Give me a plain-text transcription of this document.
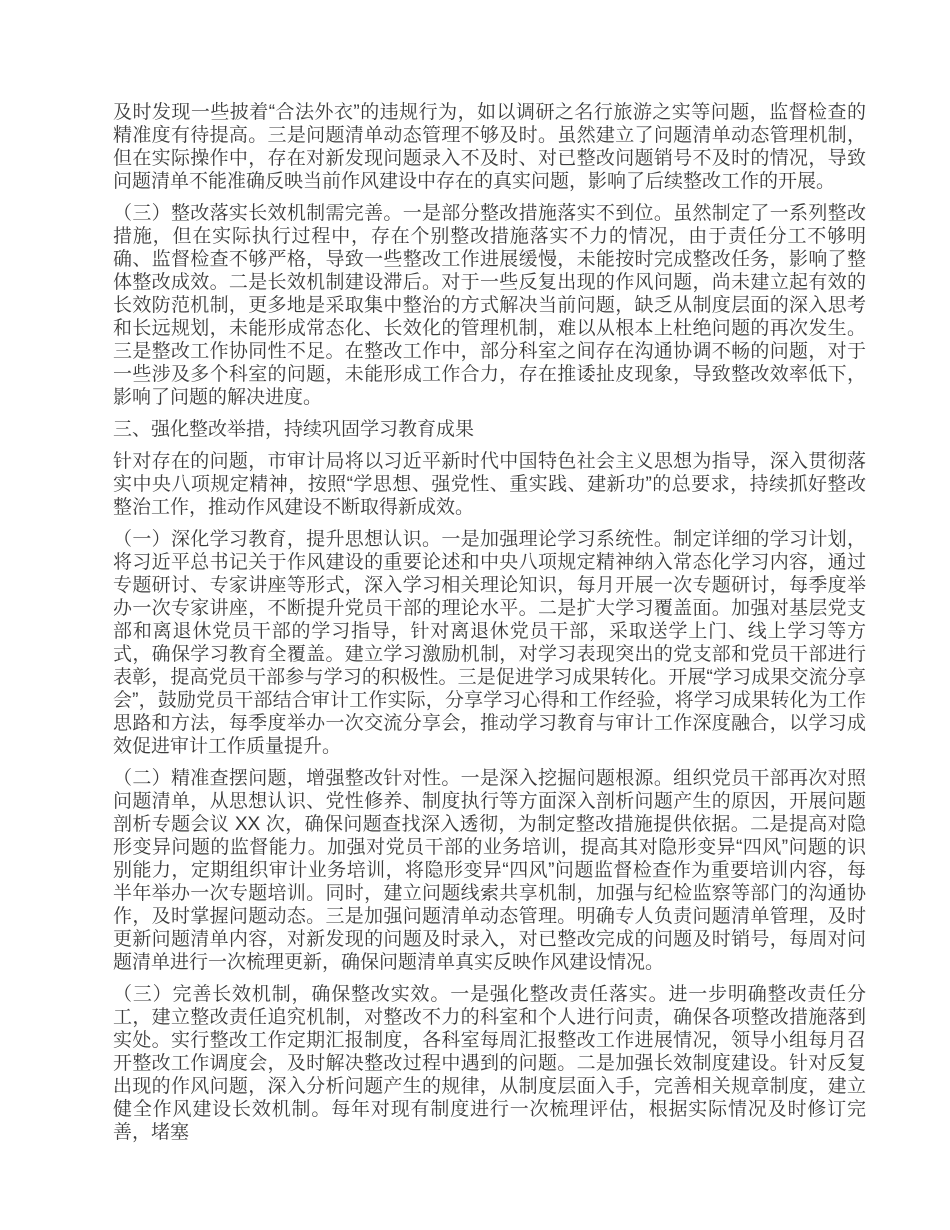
及时发现一些披着“合法外衣”的违规行为，如以调研之名行旅游之实等问题，监督检查的精准度有待提高。三是问题清单动态管理不够及时。虽然建立了问题清单动态管理机制，但在实际操作中，存在对新发现问题录入不及时、对已整改问题销号不及时的情况，导致问题清单不能准确反映当前作风建设中存在的真实问题，影响了后续整改工作的开展。

（三）整改落实长效机制需完善。一是部分整改措施落实不到位。虽然制定了一系列整改措施，但在实际执行过程中，存在个别整改措施落实不力的情况，由于责任分工不够明确、监督检查不够严格，导致一些整改工作进展缓慢，未能按时完成整改任务，影响了整体整改成效。二是长效机制建设滞后。对于一些反复出现的作风问题，尚未建立起有效的长效防范机制，更多地是采取集中整治的方式解决当前问题，缺乏从制度层面的深入思考和长远规划，未能形成常态化、长效化的管理机制，难以从根本上杜绝问题的再次发生。三是整改工作协同性不足。在整改工作中，部分科室之间存在沟通协调不畅的问题，对于一些涉及多个科室的问题，未能形成工作合力，存在推诿扯皮现象，导致整改效率低下，影响了问题的解决进度。

三、强化整改举措，持续巩固学习教育成果

针对存在的问题，市审计局将以习近平新时代中国特色社会主义思想为指导，深入贯彻落实中央八项规定精神，按照“学思想、强党性、重实践、建新功”的总要求，持续抓好整改整治工作，推动作风建设不断取得新成效。

（一）深化学习教育，提升思想认识。一是加强理论学习系统性。制定详细的学习计划，将习近平总书记关于作风建设的重要论述和中央八项规定精神纳入常态化学习内容，通过专题研讨、专家讲座等形式，深入学习相关理论知识，每月开展一次专题研讨，每季度举办一次专家讲座，不断提升党员干部的理论水平。二是扩大学习覆盖面。加强对基层党支部和离退休党员干部的学习指导，针对离退休党员干部，采取送学上门、线上学习等方式，确保学习教育全覆盖。建立学习激励机制，对学习表现突出的党支部和党员干部进行表彰，提高党员干部参与学习的积极性。三是促进学习成果转化。开展“学习成果交流分享会”，鼓励党员干部结合审计工作实际，分享学习心得和工作经验，将学习成果转化为工作思路和方法，每季度举办一次交流分享会，推动学习教育与审计工作深度融合，以学习成效促进审计工作质量提升。

（二）精准查摆问题，增强整改针对性。一是深入挖掘问题根源。组织党员干部再次对照问题清单，从思想认识、党性修养、制度执行等方面深入剖析问题产生的原因，开展问题剖析专题会议 XX 次，确保问题查找深入透彻，为制定整改措施提供依据。二是提高对隐形变异问题的监督能力。加强对党员干部的业务培训，提高其对隐形变异“四风”问题的识别能力，定期组织审计业务培训，将隐形变异“四风”问题监督检查作为重要培训内容，每半年举办一次专题培训。同时，建立问题线索共享机制，加强与纪检监察等部门的沟通协作，及时掌握问题动态。三是加强问题清单动态管理。明确专人负责问题清单管理，及时更新问题清单内容，对新发现的问题及时录入，对已整改完成的问题及时销号，每周对问题清单进行一次梳理更新，确保问题清单真实反映作风建设情况。

（三）完善长效机制，确保整改实效。一是强化整改责任落实。进一步明确整改责任分工，建立整改责任追究机制，对整改不力的科室和个人进行问责，确保各项整改措施落到实处。实行整改工作定期汇报制度，各科室每周汇报整改工作进展情况，领导小组每月召开整改工作调度会，及时解决整改过程中遇到的问题。二是加强长效制度建设。针对反复出现的作风问题，深入分析问题产生的规律，从制度层面入手，完善相关规章制度，建立健全作风建设长效机制。每年对现有制度进行一次梳理评估，根据实际情况及时修订完善，堵塞
